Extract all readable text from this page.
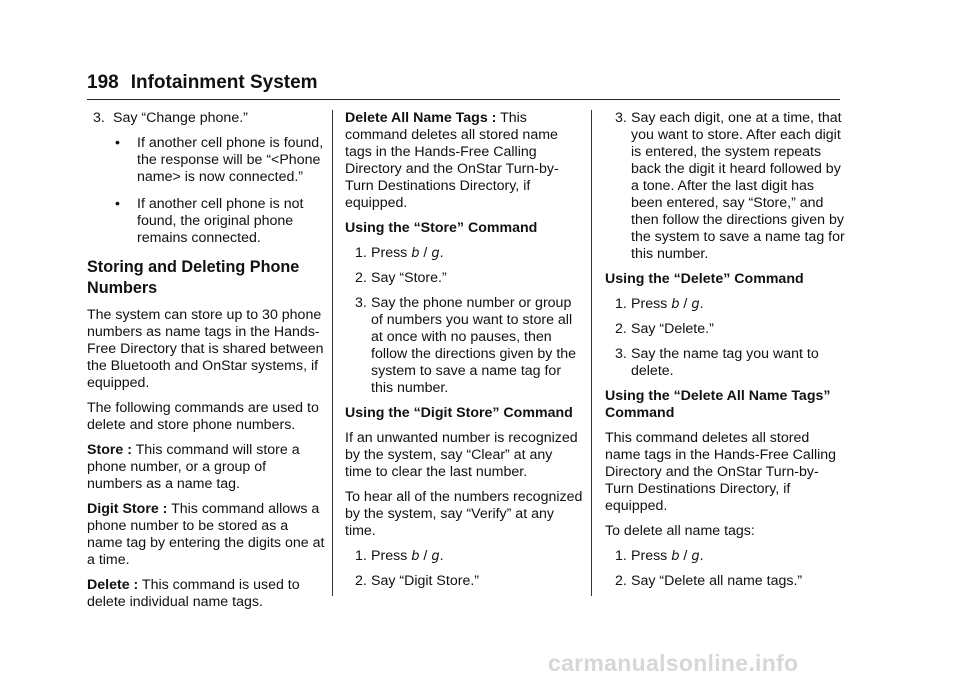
198 Infotainment System
3. Say “Change phone.”
• If another cell phone is found, the response will be “<Phone name> is now connected.”
• If another cell phone is not found, the original phone remains connected.
Storing and Deleting Phone Numbers

The system can store up to 30 phone numbers as name tags in the Hands-Free Directory that is shared between the Bluetooth and OnStar systems, if equipped.

The following commands are used to delete and store phone numbers.

Store : This command will store a phone number, or a group of numbers as a name tag.

Digit Store : This command allows a phone number to be stored as a name tag by entering the digits one at a time.

Delete : This command is used to delete individual name tags.

Delete All Name Tags : This command deletes all stored name tags in the Hands-Free Calling Directory and the OnStar Turn-by-Turn Destinations Directory, if equipped.

Using the “Store” Command

1. Press b / g.
2. Say “Store.”
3. Say the phone number or group of numbers you want to store all at once with no pauses, then follow the directions given by the system to save a name tag for this number.

Using the “Digit Store” Command

If an unwanted number is recognized by the system, say “Clear” at any time to clear the last number.

To hear all of the numbers recognized by the system, say “Verify” at any time.

1. Press b / g.
2. Say “Digit Store.”
3. Say each digit, one at a time, that you want to store. After each digit is entered, the system repeats back the digit it heard followed by a tone. After the last digit has been entered, say “Store,” and then follow the directions given by the system to save a name tag for this number.

Using the “Delete” Command

1. Press b / g.
2. Say “Delete.”
3. Say the name tag you want to delete.

Using the “Delete All Name Tags” Command

This command deletes all stored name tags in the Hands-Free Calling Directory and the OnStar Turn-by-Turn Destinations Directory, if equipped.

To delete all name tags:

1. Press b / g.
2. Say “Delete all name tags.”
carmanualsonline.info
